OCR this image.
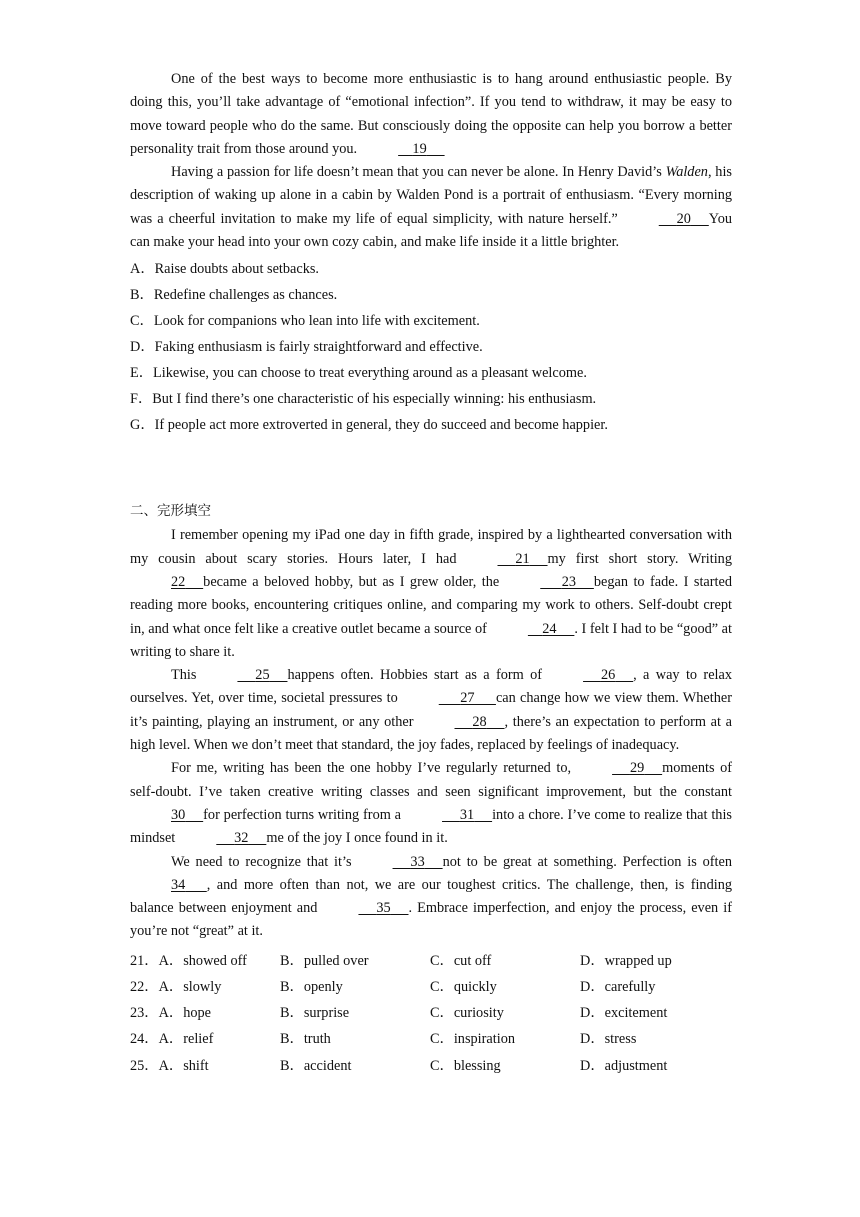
One of the best ways to become more enthusiastic is to hang around enthusiastic people. By doing this, you’ll take advantage of “emotional infection”. If you tend to withdraw, it may be easy to move toward people who do the same. But consciously doing the opposite can help you borrow a better personality trait from those around you.	19

Having a passion for life doesn’t mean that you can never be alone. In Henry David’s Walden, his description of waking up alone in a cabin by Walden Pond is a portrait of enthusiasm. “Every morning was a cheerful invitation to make my life of equal simplicity, with nature herself.”	20 You can make your head into your own cozy cabin, and make life inside it a little brighter.

A．Raise doubts about setbacks.
B．Redefine challenges as chances.
C．Look for companions who lean into life with excitement.
D．Faking enthusiasm is fairly straightforward and effective.
E．Likewise, you can choose to treat everything around as a pleasant welcome.
F．But I find there’s one characteristic of his especially winning: his enthusiasm.
G．If people act more extroverted in general, they do succeed and become happier.
二、完形填空

I remember opening my iPad one day in fifth grade, inspired by a lighthearted conversation with my cousin about scary stories. Hours later, I had	21 my first short story. Writing 22 became a beloved hobby, but as I grew older, the	23 began to fade. I started reading more books, encountering critiques online, and comparing my work to others. Self-doubt crept in, and what once felt like a creative outlet became a source of	24 . I felt I had to be “good” at writing to share it.

This	25 happens often. Hobbies start as a form of	26 , a way to relax ourselves. Yet, over time, societal pressures to	27 can change how we view them. Whether it’s painting, playing an instrument, or any other	28 , there’s an expectation to perform at a high level. When we don’t meet that standard, the joy fades, replaced by feelings of inadequacy.

For me, writing has been the one hobby I’ve regularly returned to,	29 moments of self-doubt. I’ve taken creative writing classes and seen significant improvement, but the constant 30 for perfection turns writing from a	31 into a chore. I’ve come to realize that this mindset	32 me of the joy I once found in it.

We need to recognize that it’s	33 not to be great at something. Perfection is often 34 , and more often than not, we are our toughest critics. The challenge, then, is finding balance between enjoyment and	35 . Embrace imperfection, and enjoy the process, even if you’re not “great” at it.

21．A．showed off	B．pulled over	C．cut off	D．wrapped up
22．A．slowly	B．openly	C．quickly	D．carefully
23．A．hope	B．surprise	C．curiosity	D．excitement
24．A．relief	B．truth	C．inspiration	D．stress
25．A．shift	B．accident	C．blessing	D．adjustment
